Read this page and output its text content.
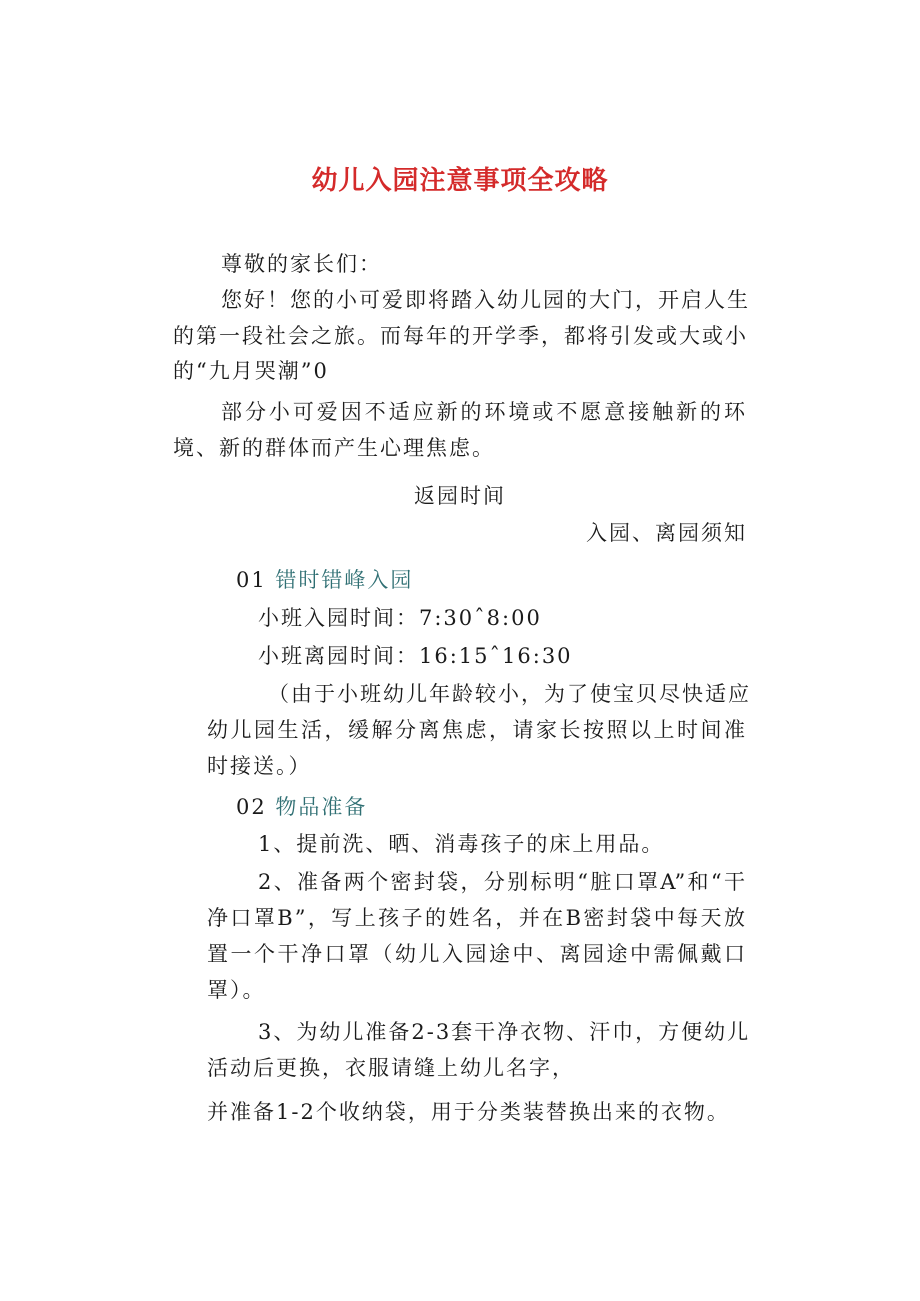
幼儿入园注意事项全攻略

尊敬的家长们：

您好！您的小可爱即将踏入幼儿园的大门，开启人生

的第一段社会之旅。而每年的开学季，都将引发或大或小

的“九月哭潮”0

部分小可爱因不适应新的环境或不愿意接触新的环

境、新的群体而产生心理焦虑。

返园时间

入园、离园须知

01 错时错峰入园

小班入园时间：7:30ˆ8:00

小班离园时间：16:15ˆ16:30

（由于小班幼儿年龄较小，为了使宝贝尽快适应

幼儿园生活，缓解分离焦虑，请家长按照以上时间准

时接送。）

02 物品准备

1、提前洗、晒、消毒孩子的床上用品。

2、准备两个密封袋，分别标明“脏口罩A”和“干

净口罩B”，写上孩子的姓名，并在B密封袋中每天放

置一个干净口罩（幼儿入园途中、离园途中需佩戴口

罩）。

3、为幼儿准备2-3套干净衣物、汗巾，方便幼儿

活动后更换，衣服请缝上幼儿名字，

并准备1-2个收纳袋，用于分类装替换出来的衣物。
